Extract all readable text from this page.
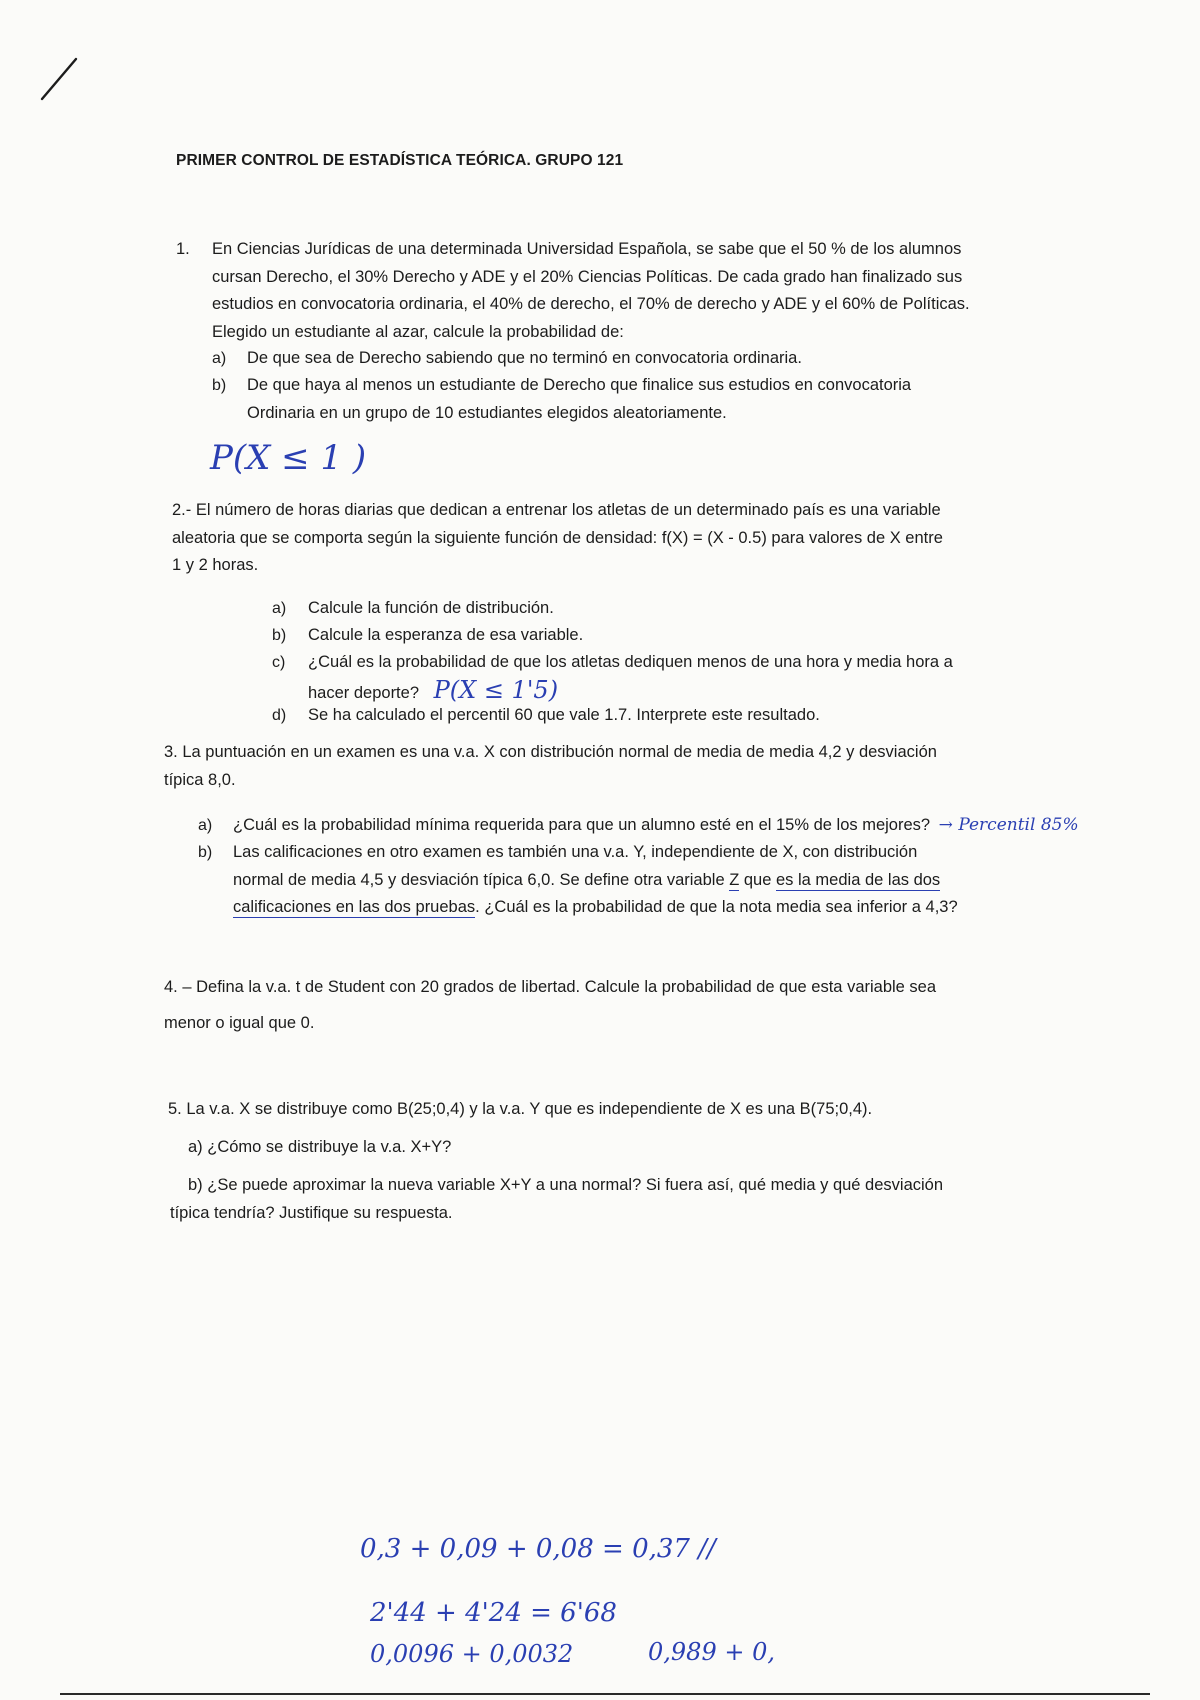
PRIMER CONTROL DE ESTADÍSTICA TEÓRICA. GRUPO 121
1. En Ciencias Jurídicas de una determinada Universidad Española, se sabe que el 50 % de los alumnos
cursan Derecho, el 30% Derecho y ADE y el 20% Ciencias Políticas. De cada grado han finalizado sus
estudios en convocatoria ordinaria, el 40% de derecho, el 70% de derecho y ADE y el 60% de Políticas.
Elegido un estudiante al azar, calcule la probabilidad de:
a) De que sea de Derecho sabiendo que no terminó en convocatoria ordinaria.
b) De que haya al menos un estudiante de Derecho que finalice sus estudios en convocatoria
Ordinaria en un grupo de 10 estudiantes elegidos aleatoriamente.
P(X ≤ 1 )
2.- El número de horas diarias que dedican a entrenar los atletas de un determinado país es una variable
aleatoria que se comporta según la siguiente función de densidad: f(X) = (X - 0.5) para valores de X entre
1 y 2 horas.
a) Calcule la función de distribución.
b) Calcule la esperanza de esa variable.
c) ¿Cuál es la probabilidad de que los atletas dediquen menos de una hora y media hora a
hacer deporte? P(X ≤ 1'5)
d) Se ha calculado el percentil 60 que vale 1.7. Interprete este resultado.
3. La puntuación en un examen es una v.a. X con distribución normal de media de media 4,2 y desviación
típica 8,0.
a) ¿Cuál es la probabilidad mínima requerida para que un alumno esté en el 15% de los mejores? → Percentil 85%
b) Las calificaciones en otro examen es también una v.a. Y, independiente de X, con distribución
normal de media 4,5 y desviación típica 6,0. Se define otra variable Z que es la media de las dos
calificaciones en las dos pruebas. ¿Cuál es la probabilidad de que la nota media sea inferior a 4,3?
4. – Defina la v.a. t de Student con 20 grados de libertad. Calcule la probabilidad de que esta variable sea
menor o igual que 0.
5. La v.a. X se distribuye como B(25;0,4) y la v.a. Y que es independiente de X es una B(75;0,4).
a) ¿Cómo se distribuye la v.a. X+Y?
b) ¿Se puede aproximar la nueva variable X+Y a una normal? Si fuera así, qué media y qué desviación
típica tendría? Justifique su respuesta.
0,3 + 0,09 + 0,08 = 0,37 //
2'44 + 4'24 = 6'68
0,0096 + 0,0032	0,989 + 0,
